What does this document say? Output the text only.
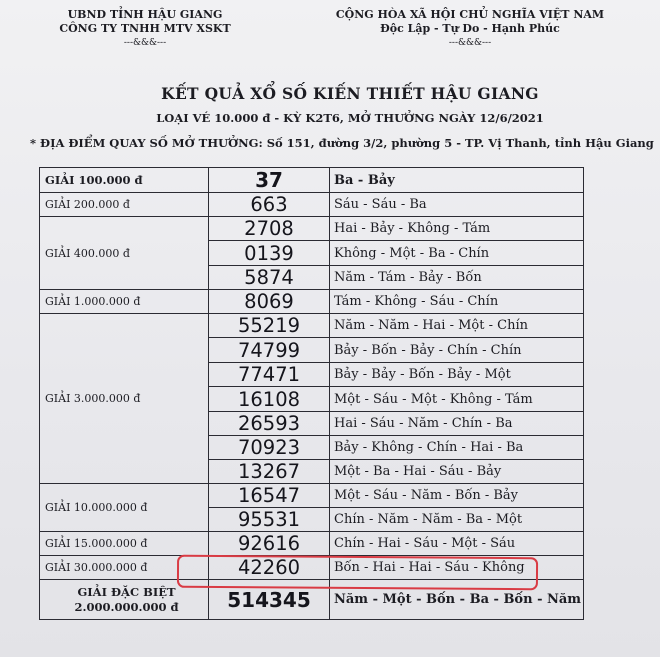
UBND TỈNH HẬU GIANG
CÔNG TY TNHH MTV XSKT
---&&&---
CỘNG HÒA XÃ HỘI CHỦ NGHĨA VIỆT NAM
Độc Lập - Tự Do - Hạnh Phúc
---&&&---
KẾT QUẢ XỔ SỐ KIẾN THIẾT HẬU GIANG
LOẠI VÉ 10.000 đ - KỲ K2T6, MỞ THƯỞNG NGÀY 12/6/2021
* ĐỊA ĐIỂM QUAY SỐ MỞ THƯỞNG: Số 151, đường 3/2, phường 5 - TP. Vị Thanh, tỉnh Hậu Giang
GIẢI 100.000 đ	37	Ba - Bảy
GIẢI 200.000 đ	663	Sáu - Sáu - Ba
GIẢI 400.000 đ	2708	Hai - Bảy - Không - Tám
	0139	Không - Một - Ba - Chín
	5874	Năm - Tám - Bảy - Bốn
GIẢI 1.000.000 đ	8069	Tám - Không - Sáu - Chín
GIẢI 3.000.000 đ	55219	Năm - Năm - Hai - Một - Chín
	74799	Bảy - Bốn - Bảy - Chín - Chín
	77471	Bảy - Bảy - Bốn - Bảy - Một
	16108	Một - Sáu - Một - Không - Tám
	26593	Hai - Sáu - Năm - Chín - Ba
	70923	Bảy - Không - Chín - Hai - Ba
	13267	Một - Ba - Hai - Sáu - Bảy
GIẢI 10.000.000 đ	16547	Một - Sáu - Năm - Bốn - Bảy
	95531	Chín - Năm - Năm - Ba - Một
GIẢI 15.000.000 đ	92616	Chín - Hai - Sáu - Một - Sáu
GIẢI 30.000.000 đ	42260	Bốn - Hai - Hai - Sáu - Không

GIẢI ĐẶC BIỆT
2.000.000.000 đ	514345	Năm - Một - Bốn - Ba - Bốn - Năm
